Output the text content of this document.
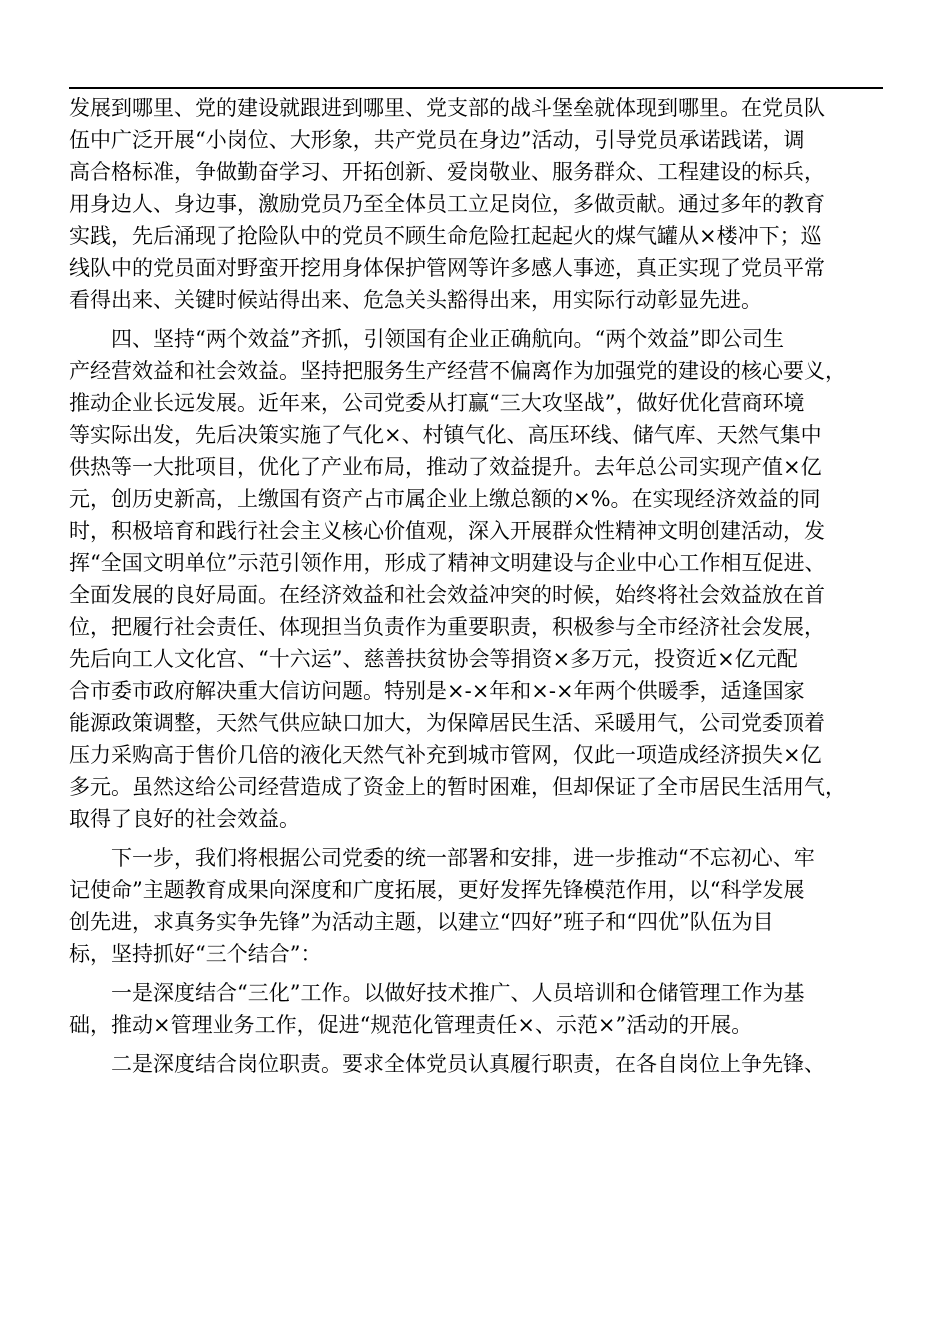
发展到哪里、党的建设就跟进到哪里、党支部的战斗堡垒就体现到哪里。在党员队
伍中广泛开展“小岗位、大形象，共产党员在身边”活动，引导党员承诺践诺，调
高合格标准，争做勤奋学习、开拓创新、爱岗敬业、服务群众、工程建设的标兵，
用身边人、身边事，激励党员乃至全体员工立足岗位，多做贡献。通过多年的教育
实践，先后涌现了抢险队中的党员不顾生命危险扛起起火的煤气罐从×楼冲下；巡
线队中的党员面对野蛮开挖用身体保护管网等许多感人事迹，真正实现了党员平常
看得出来、关键时候站得出来、危急关头豁得出来，用实际行动彰显先进。
四、坚持“两个效益”齐抓，引领国有企业正确航向。“两个效益”即公司生
产经营效益和社会效益。坚持把服务生产经营不偏离作为加强党的建设的核心要义，
推动企业长远发展。近年来，公司党委从打赢“三大攻坚战”，做好优化营商环境
等实际出发，先后决策实施了气化×、村镇气化、高压环线、储气库、天然气集中
供热等一大批项目，优化了产业布局，推动了效益提升。去年总公司实现产值×亿
元，创历史新高，上缴国有资产占市属企业上缴总额的×%。在实现经济效益的同
时，积极培育和践行社会主义核心价值观，深入开展群众性精神文明创建活动，发
挥“全国文明单位”示范引领作用，形成了精神文明建设与企业中心工作相互促进、
全面发展的良好局面。在经济效益和社会效益冲突的时候，始终将社会效益放在首
位，把履行社会责任、体现担当负责作为重要职责，积极参与全市经济社会发展，
先后向工人文化宫、“十六运”、慈善扶贫协会等捐资×多万元，投资近×亿元配
合市委市政府解决重大信访问题。特别是×-×年和×-×年两个供暖季，适逢国家
能源政策调整，天然气供应缺口加大，为保障居民生活、采暖用气，公司党委顶着
压力采购高于售价几倍的液化天然气补充到城市管网，仅此一项造成经济损失×亿
多元。虽然这给公司经营造成了资金上的暂时困难，但却保证了全市居民生活用气，
取得了良好的社会效益。
下一步，我们将根据公司党委的统一部署和安排，进一步推动“不忘初心、牢
记使命”主题教育成果向深度和广度拓展，更好发挥先锋模范作用，以“科学发展
创先进，求真务实争先锋”为活动主题，以建立“四好”班子和“四优”队伍为目
标，坚持抓好“三个结合”：
一是深度结合“三化”工作。以做好技术推广、人员培训和仓储管理工作为基
础，推动×管理业务工作，促进“规范化管理责任×、示范×”活动的开展。
二是深度结合岗位职责。要求全体党员认真履行职责，在各自岗位上争先锋、
